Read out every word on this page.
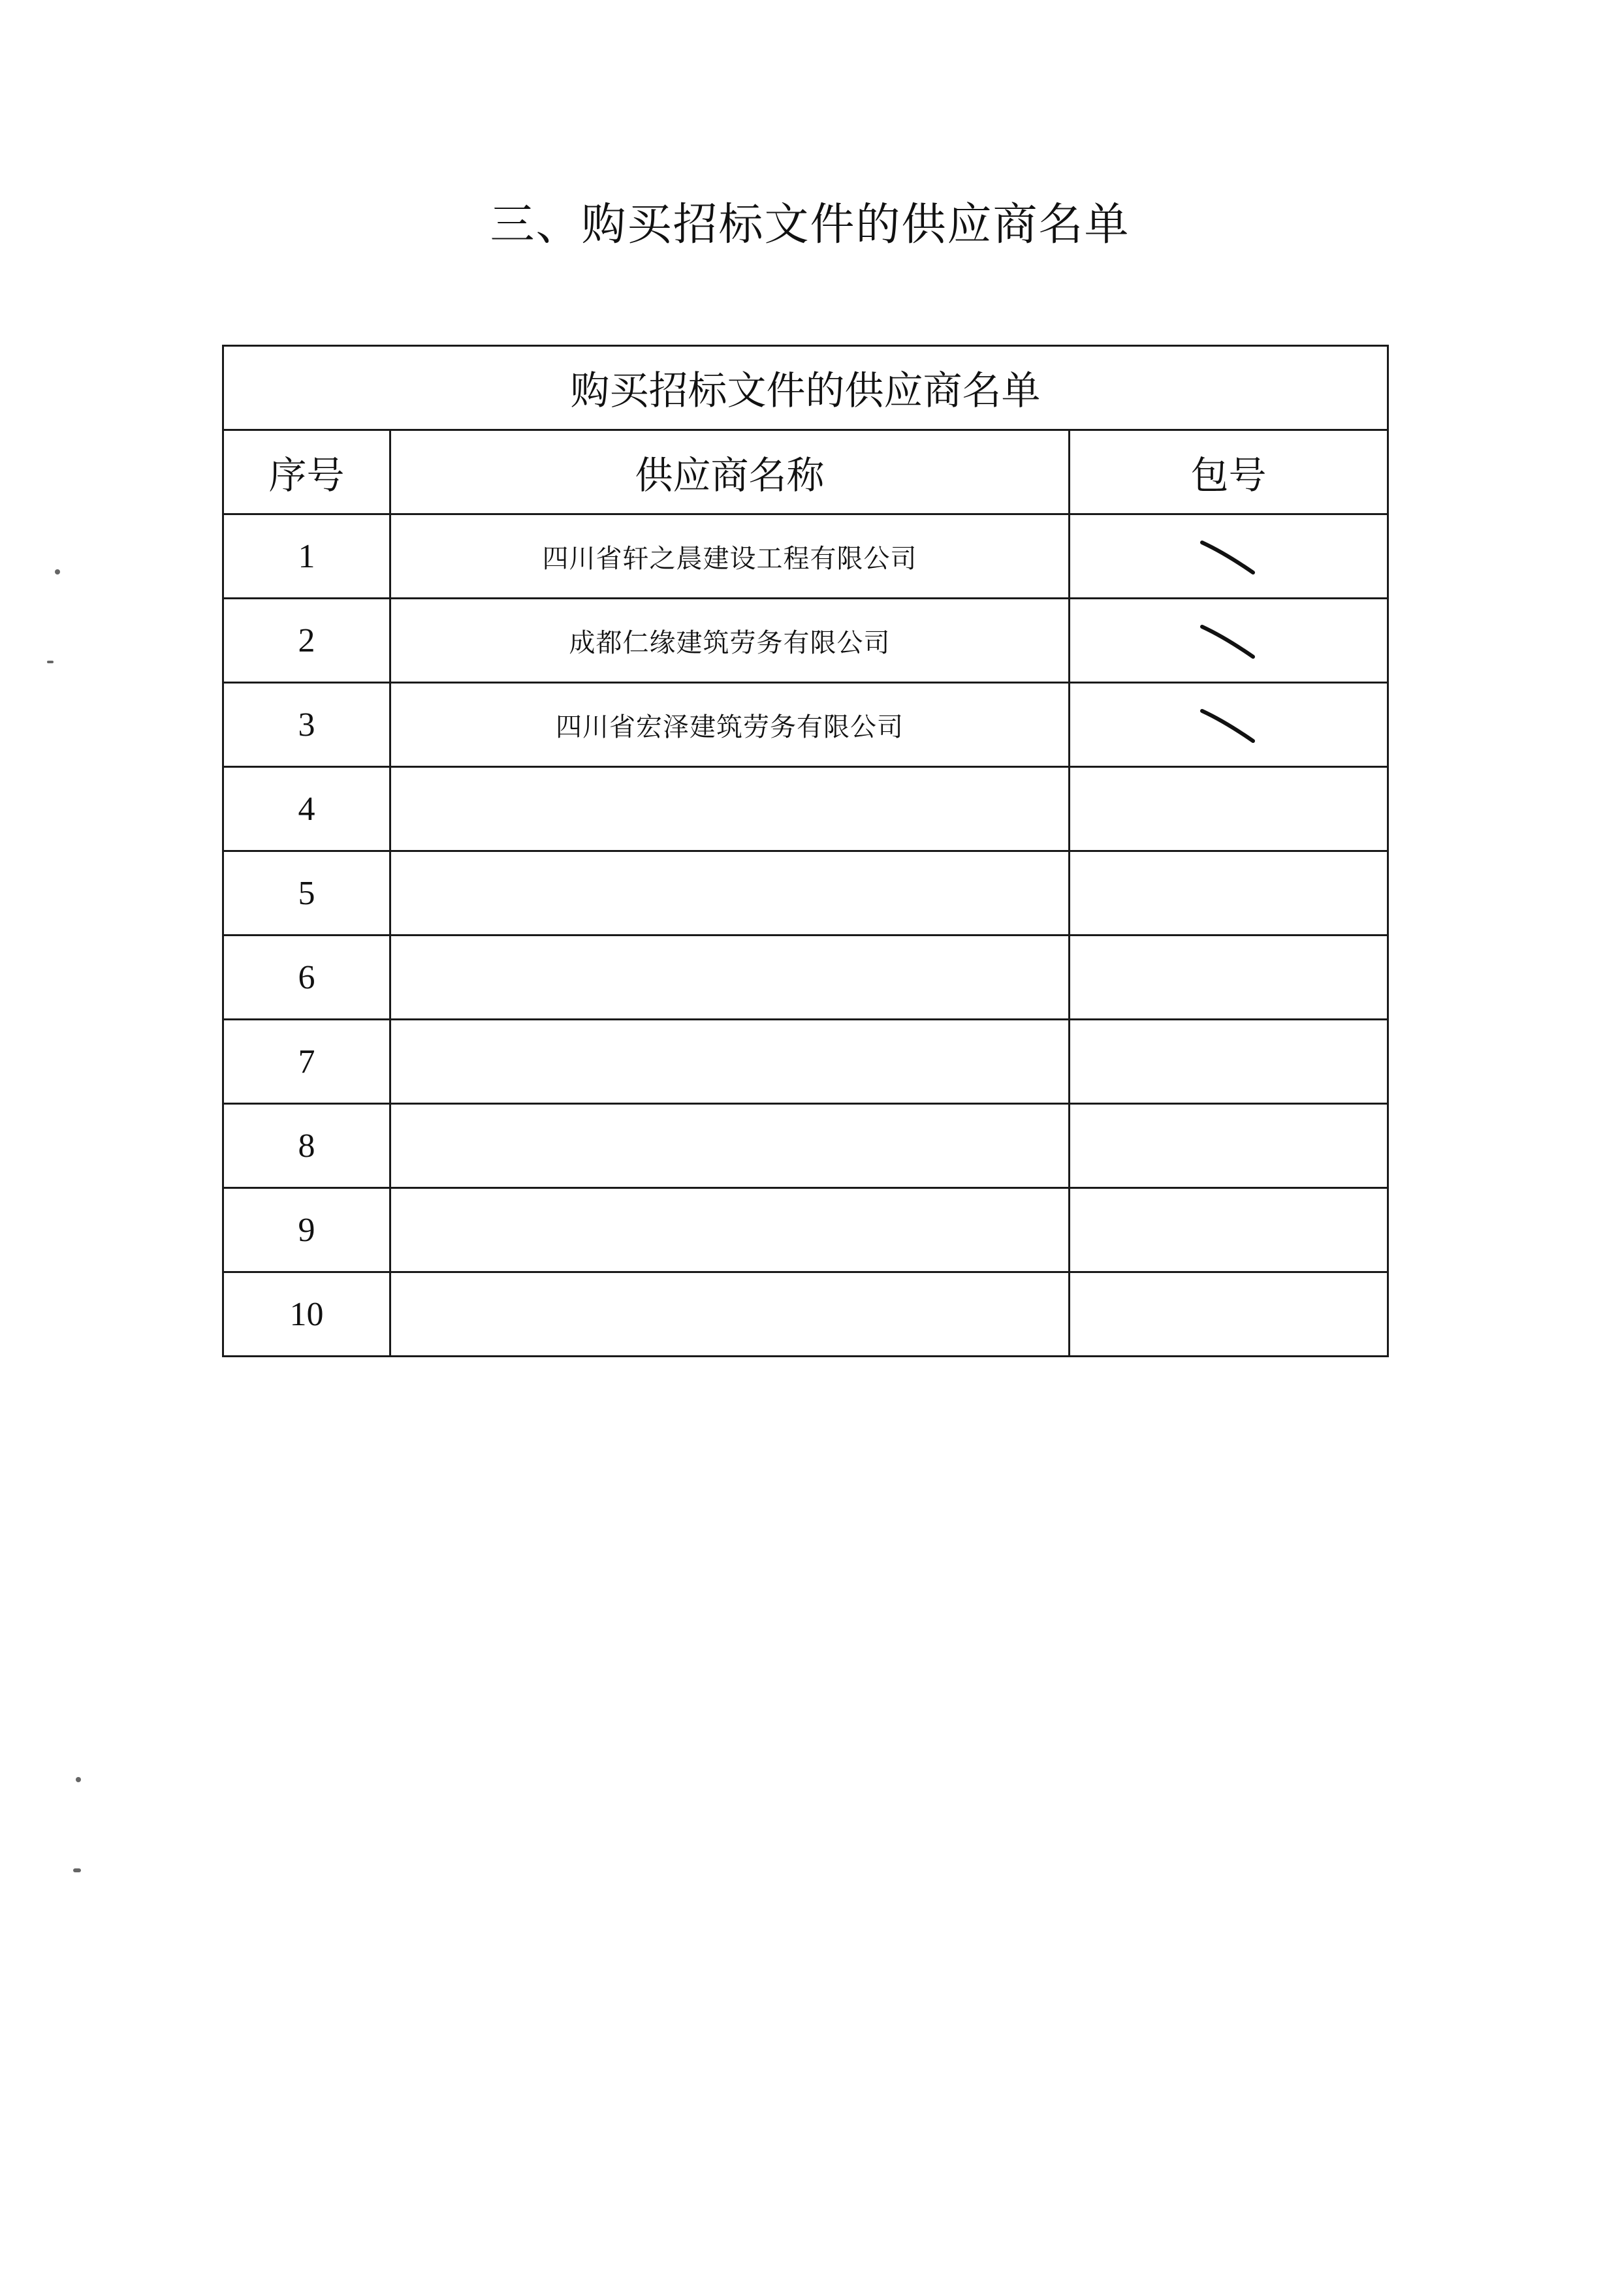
三、购买招标文件的供应商名单
购买招标文件的供应商名单		
序号	供应商名称	包号
1	四川省轩之晨建设工程有限公司	

2	成都仁缘建筑劳务有限公司	

3	四川省宏泽建筑劳务有限公司	

4		
5		
6		
7		
8		
9		
10		
